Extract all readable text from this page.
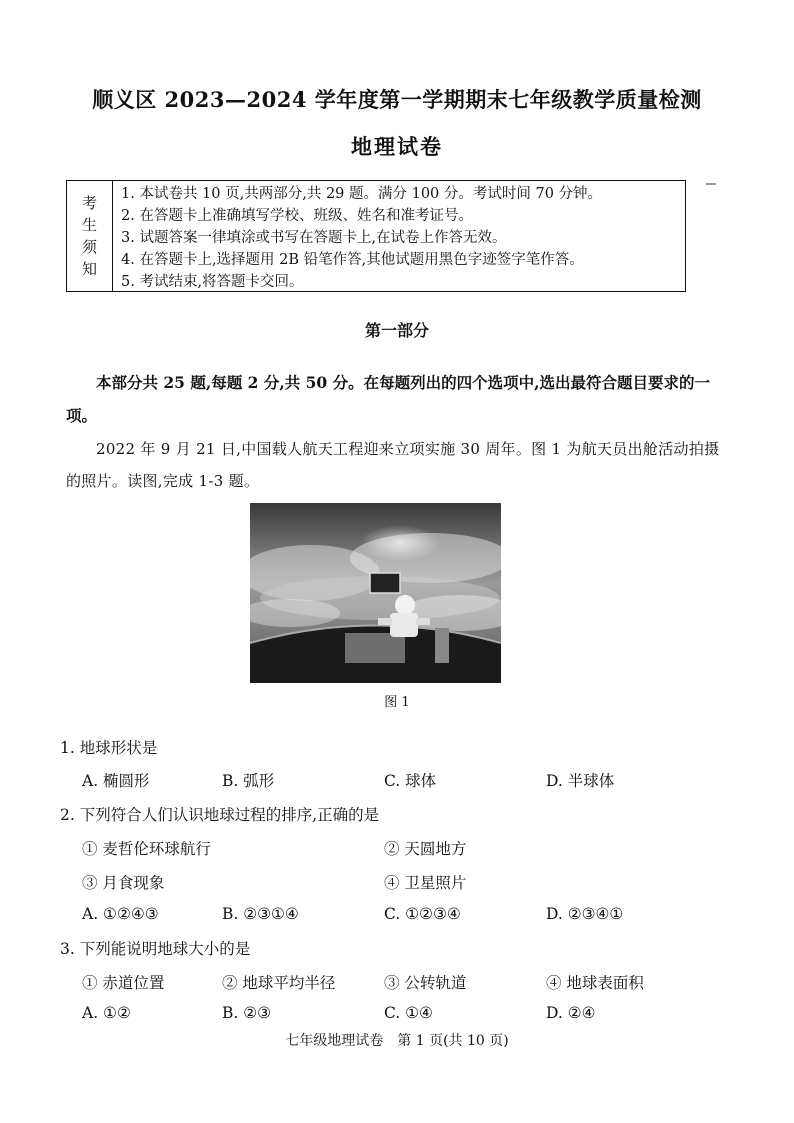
顺义区 2023—2024 学年度第一学期期末七年级教学质量检测
地理试卷
考
生
须
知
1. 本试卷共 10 页,共两部分,共 29 题。满分 100 分。考试时间 70 分钟。
2. 在答题卡上准确填写学校、班级、姓名和准考证号。
3. 试题答案一律填涂或书写在答题卡上,在试卷上作答无效。
4. 在答题卡上,选择题用 2B 铅笔作答,其他试题用黑色字迹签字笔作答。
5. 考试结束,将答题卡交回。
第一部分
本部分共 25 题,每题 2 分,共 50 分。在每题列出的四个选项中,选出最符合题目要求的一项。
2022 年 9 月 21 日,中国载人航天工程迎来立项实施 30 周年。图 1 为航天员出舱活动拍摄的照片。读图,完成 1-3 题。
图 1
1. 地球形状是
A. 椭圆形	B. 弧形	C. 球体	D. 半球体
2. 下列符合人们认识地球过程的排序,正确的是
① 麦哲伦环球航行	② 天圆地方
③ 月食现象	④ 卫星照片
A. ①②④③	B. ②③①④	C. ①②③④	D. ②③④①
3. 下列能说明地球大小的是
① 赤道位置	② 地球平均半径	③ 公转轨道	④ 地球表面积
A. ①②	B. ②③	C. ①④	D. ②④
七年级地理试卷　第 1 页(共 10 页)
